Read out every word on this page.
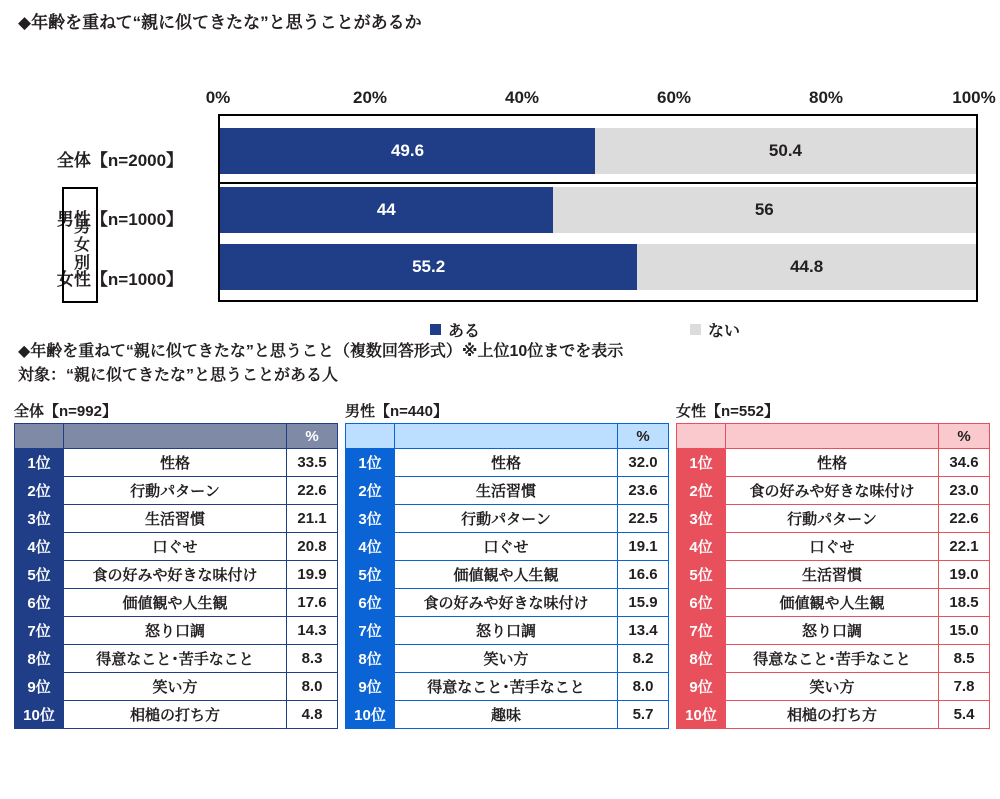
◆年齢を重ねて“親に似てきたな”と思うことがあるか
0%	20%	40%	60%	80%	100%
全体【n=2000】
男性【n=1000】
女性【n=1000】
男女別
49.6	50.4
44	56
55.2	44.8
ある	ない
◆年齢を重ねて“親に似てきたな”と思うこと（複数回答形式）※上位10位までを表示
対象：“親に似てきたな”と思うことがある人
全体【n=992】
		%
1位	性格	33.5
2位	行動パターン	22.6
3位	生活習慣	21.1
4位	口ぐせ	20.8
5位	食の好みや好きな味付け	19.9
6位	価値観や人生観	17.6
7位	怒り口調	14.3
8位	得意なこと･苦手なこと	8.3
9位	笑い方	8.0
10位	相槌の打ち方	4.8
男性【n=440】
		%
1位	性格	32.0
2位	生活習慣	23.6
3位	行動パターン	22.5
4位	口ぐせ	19.1
5位	価値観や人生観	16.6
6位	食の好みや好きな味付け	15.9
7位	怒り口調	13.4
8位	笑い方	8.2
9位	得意なこと･苦手なこと	8.0
10位	趣味	5.7
女性【n=552】
		%
1位	性格	34.6
2位	食の好みや好きな味付け	23.0
3位	行動パターン	22.6
4位	口ぐせ	22.1
5位	生活習慣	19.0
6位	価値観や人生観	18.5
7位	怒り口調	15.0
8位	得意なこと･苦手なこと	8.5
9位	笑い方	7.8
10位	相槌の打ち方	5.4
